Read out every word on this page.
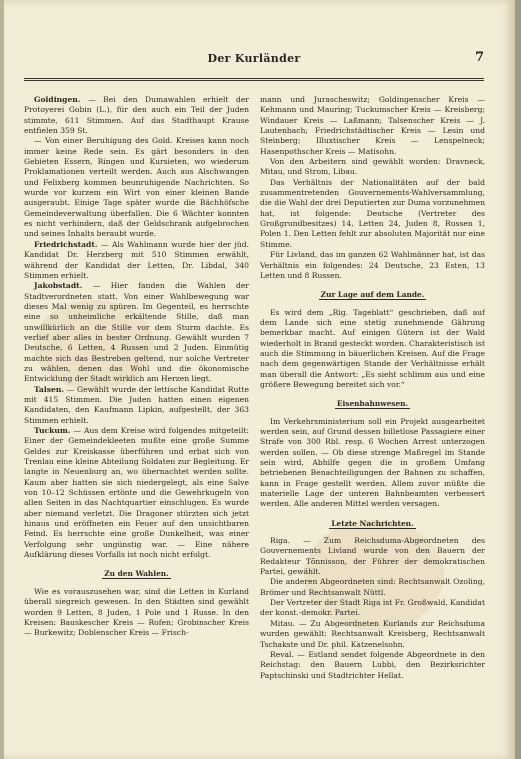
Der Kurländer	7

Goldingen. — Bei den Dumawahlen erhielt der Protoyerei Gobin (L.), für den auch ein Teil der Juden stimmte, 611 Stimmen. Auf das Stadthaupt Krause entfielen 359 St.

— Von einer Beruhigung des Gold. Kreises kann noch immer keine Rede sein. Es gärt besonders in den Gebieten Essern, Ringen und Kursieten, wo wiederum Proklamationen verteilt werden. Auch aus Alschwangen und Felixberg kommen beunruhigende Nachrichten. So wurde vor kurzem ein Wirt von einer kleinen Bande ausgeraubt. Einige Tage später wurde die Bächhöfsche Gemeindeverwaltung überfallen. Die 6 Wächter konnten es nicht verhindern, daß der Geldschrank aufgebrochen und seines Inhalts beraubt wurde.

Friedrichstadt. — Als Wahlmann wurde hier der jüd. Kandidat Dr. Herzberg mit 510 Stimmen erwählt, während der Kandidat der Letten, Dr. Libdal, 340 Stimmen erhielt.

Jakobstadt. — Hier fanden die Wahlen der Stadtverordneten statt. Von einer Wahlbewegung war dieses Mal wenig zu spüren. Im Gegenteil, es herrschte eine so unheimliche erkältende Stille, daß man unwillkürlich an die Stille vor dem Sturm dachte. Es verlief aber alles in bester Ordnung. Gewählt wurden 7 Deutsche, 6 Letten, 4 Russen und 2 Juden. Einmütig machte sich das Bestreben geltend, nur solche Vertreter zu wählen, denen das Wohl und die ökonomische Entwicklung der Stadt wirklich am Herzen liegt.

Talsen. — Gewählt wurde der lettische Kandidat Rutte mit 415 Stimmen. Die Juden hatten einen eigenen Kandidaten, den Kaufmann Lipkin, aufgestellt, der 363 Stimmen erhielt.

Tuckum. — Aus dem Kreise wird folgendes mitgeteilt: Einer der Gemeindekleeten mußte eine große Summe Geldes zur Kreiskasse überführen und erbat sich von Trenlau eine kleine Abteilung Soldaten zur Begleitung. Er langte in Neuenburg an, wo übernachtet werden sollte. Kaum aber hatten sie sich niedergelegt, als eine Salve von 10–12 Schüssen ertönte und die Gewehrkugeln von allen Seiten in das Nachtquartier einschlugen. Es wurde aber niemand verletzt. Die Dragoner stürzten sich jetzt hinaus und eröffneten ein Feuer auf den unsichtbaren Feind. Es herrschte eine große Dunkelheit, was einer Verfolgung sehr ungünstig war. — Eine nähere Aufklärung dieses Vorfalls ist noch nicht erfolgt.

Zu den Wahlen.

Wie es vorauszusehen war, sind die Letten in Kurland überall siegreich gewesen. In den Städten sind gewählt worden 9 Letten, 8 Juden, 1 Pole und 1 Russe. In den Kreisen: Bauskescher Kreis — Rofen; Grobinscher Kreis — Burkewitz; Doblenscher Kreis — Frisch-

mann und Jurascheswitz; Goldingenscher Kreis — Kehmann und Mauring; Tuckumscher Kreis — Kreisberg; Windauer Kreis — Laßmann; Talsenscher Kreis — J. Lautenbach; Friedrichstädtischer Kreis — Lesin und Steinberg; Illuxtischer Kreis — Lenspelneck; Hasenpothscher Kreis — Matisohn.

Von den Arbeitern sind gewählt worden: Dravneck, Mitau, und Strom, Libau.

Das Verhältnis der Nationalitäten auf der bald zusammentretenden Gouvernements-Wahlversammlung, die die Wahl der drei Deputierten zur Duma vorzunehmen hat, ist folgende: Deutsche (Vertreter des Großgrundbesitzes) 14, Letten 24, Juden 8, Russen 1, Polen 1. Den Letten fehlt zur absoluten Majorität nur eine Stimme.

Für Livland, das im ganzen 62 Wahlmänner hat, ist das Verhältnis ein folgendes: 24 Deutsche, 23 Esten, 13 Letten und 8 Russen.

Zur Lage auf dem Lande.

Es wird dem „Rig. Tageblatt“ geschrieben, daß auf dem Lande sich eine stetig zunehmende Gährung bemerkbar macht. Auf einigen Gütern ist der Wald wiederholt in Brand gesteckt worden. Charakteristisch ist auch die Stimmung in bäuerlichen Kreisen. Auf die Frage nach dem gegenwärtigen Stande der Verhältnisse erhält man überall die Antwort: „Es sieht schlimm aus und eine größere Bewegung bereitet sich vor.“

Eisenbahnwesen.

Im Verkehrsministerium soll ein Projekt ausgearbeitet werden sein, auf Grund dessen billetlose Passagiere einer Strafe von 300 Rbl. resp. 6 Wochen Arrest unterzogen werden sollen. — Ob diese strenge Maßregel im Stande sein wird, Abhilfe gegen die in großem Umfang betriebenen Benachteiligungen der Bahnen zu schaffen, kann in Frage gestellt werden. Allem zuvor müßte die materielle Lage der unteren Bahnbeamten verbessert werden. Alle anderen Mittel werden versagen.

Letzte Nachrichten.

Riga. — Zum Reichsduma-Abgeordneten des Gouvernements Livland wurde von den Bauern der Redakteur Tõnnisson, der Führer der demokratischen Partei, gewählt.

Die anderen Abgeordneten sind: Rechtsanwalt Ozoling, Brömer und Rechtsanwalt Nüttl.

Der Vertreter der Stadt Riga ist Fr. Großwald, Kandidat der konst.-demokr. Partei.

Mitau. — Zu Abgeordneten Kurlands zur Reichsduma wurden gewählt: Rechtsanwalt Kreisberg, Rechtsanwalt Tschakste und Dr. phil. Katzenelsohn.

Reval. — Estland sendet folgende Abgeordnete in den Reichstag: den Bauern Lubbi, den Bezirksrichter Paptschinski und Stadtrichter Hellat.
